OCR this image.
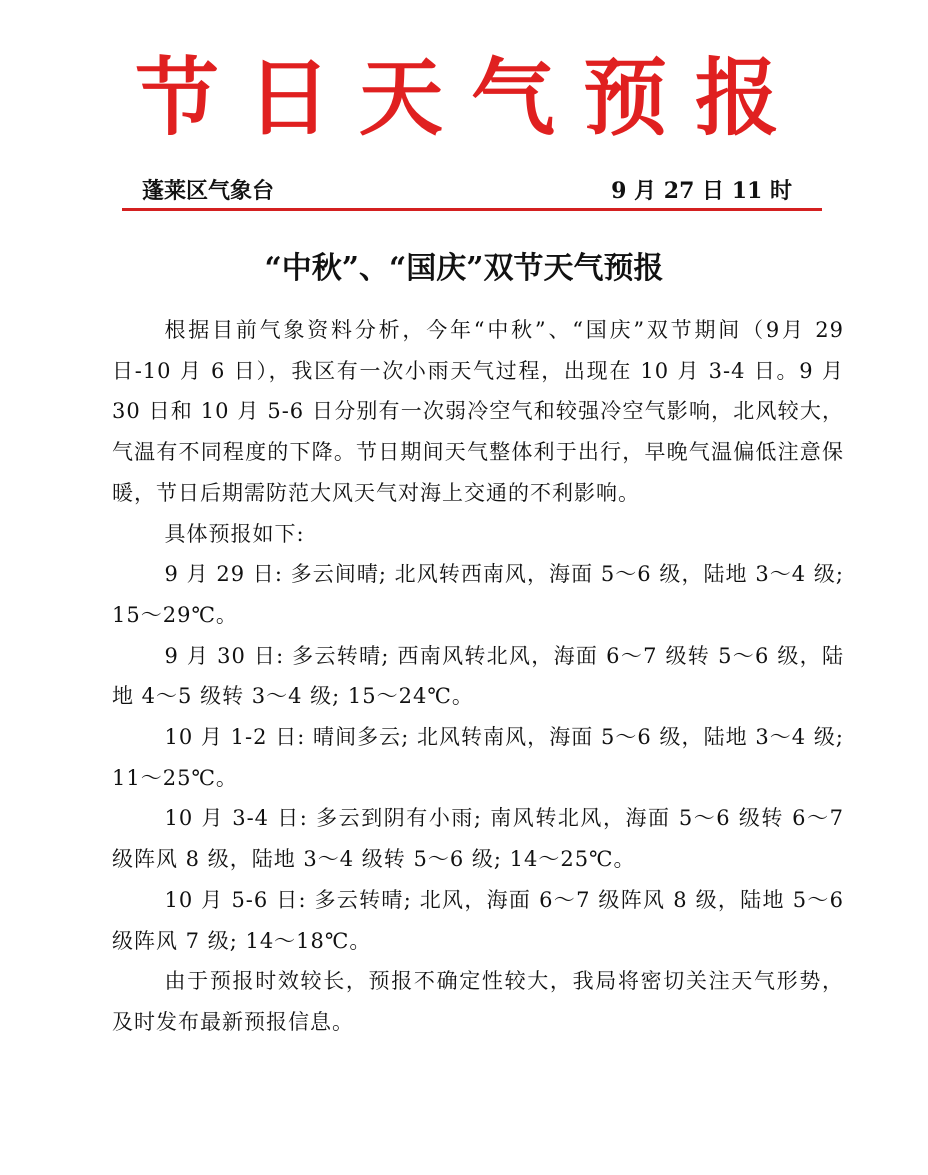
节日天气预报
蓬莱区气象台	9 月 27 日 11 时
“中秋”、“国庆”双节天气预报

根据目前气象资料分析，今年“中秋”、“国庆”双节期间（9月 29 日-10 月 6 日），我区有一次小雨天气过程，出现在 10 月 3-4 日。9 月 30 日和 10 月 5-6 日分别有一次弱冷空气和较强冷空气影响，北风较大，气温有不同程度的下降。节日期间天气整体利于出行，早晚气温偏低注意保暖，节日后期需防范大风天气对海上交通的不利影响。

具体预报如下:

9 月 29 日: 多云间晴; 北风转西南风，海面 5～6 级，陆地 3～4 级; 15～29℃。

9 月 30 日: 多云转晴; 西南风转北风，海面 6～7 级转 5～6 级，陆地 4～5 级转 3～4 级; 15～24℃。

10 月 1-2 日: 晴间多云; 北风转南风，海面 5～6 级，陆地 3～4 级; 11～25℃。

10 月 3-4 日: 多云到阴有小雨; 南风转北风，海面 5～6 级转 6～7 级阵风 8 级，陆地 3～4 级转 5～6 级; 14～25℃。

10 月 5-6 日: 多云转晴; 北风，海面 6～7 级阵风 8 级，陆地 5～6 级阵风 7 级; 14～18℃。

由于预报时效较长，预报不确定性较大，我局将密切关注天气形势，及时发布最新预报信息。
